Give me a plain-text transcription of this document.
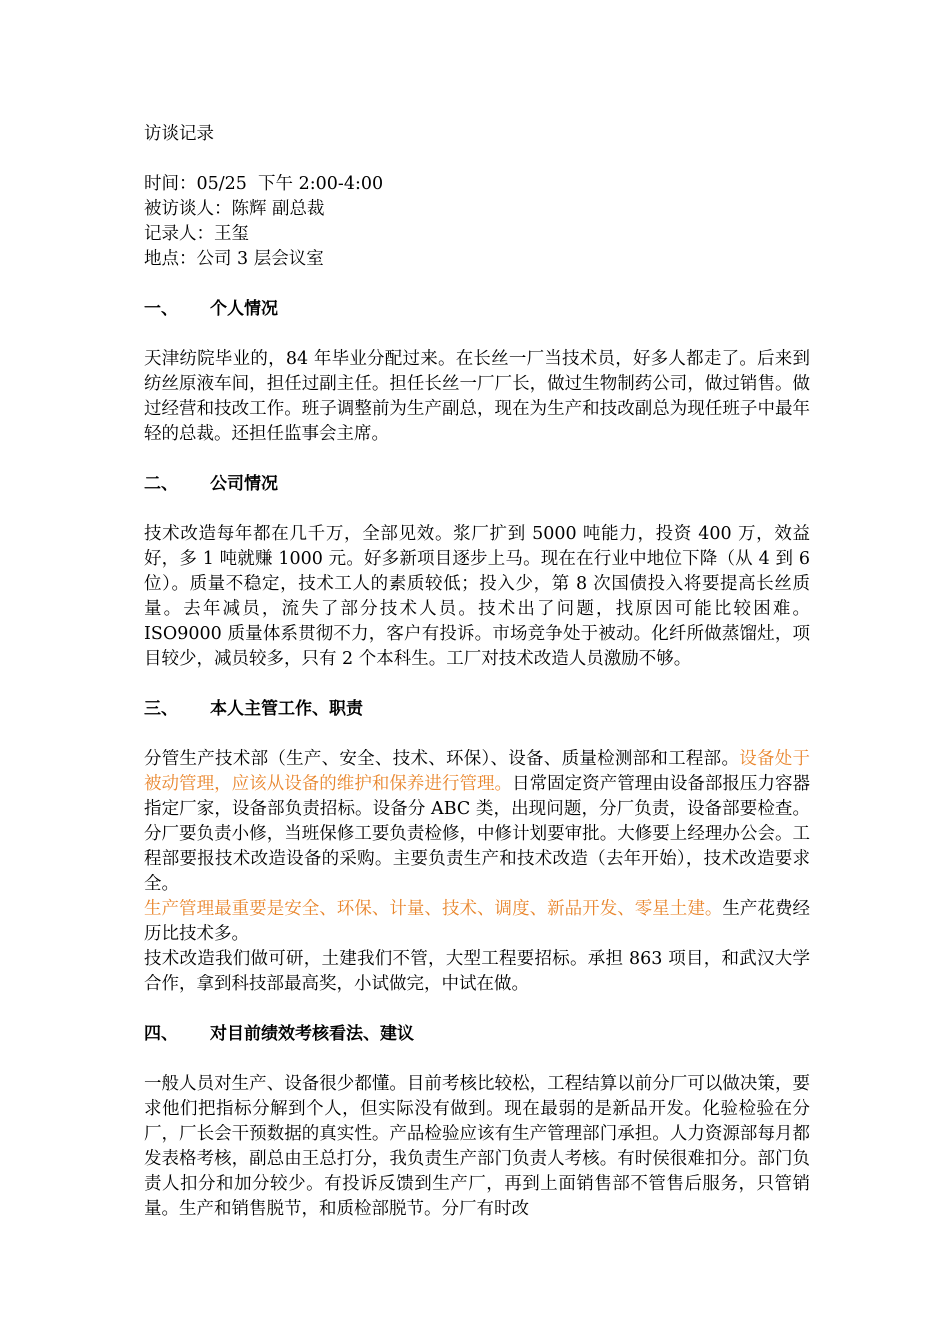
访谈记录
时间：05/25  下午 2:00-4:00
被访谈人：陈辉 副总裁
记录人：王玺
地点：公司 3 层会议室
一、 个人情况
天津纺院毕业的，84 年毕业分配过来。在长丝一厂当技术员，好多人都走了。后来到纺丝原液车间，担任过副主任。担任长丝一厂厂长，做过生物制药公司，做过销售。做过经营和技改工作。班子调整前为生产副总，现在为生产和技改副总为现任班子中最年轻的总裁。还担任监事会主席。
二、 公司情况
技术改造每年都在几千万，全部见效。浆厂扩到 5000 吨能力，投资 400 万，效益好，多 1 吨就赚 1000 元。好多新项目逐步上马。现在在行业中地位下降（从 4 到 6 位）。质量不稳定，技术工人的素质较低；投入少，第 8 次国债投入将要提高长丝质量。去年减员，流失了部分技术人员。技术出了问题，找原因可能比较困难。ISO9000 质量体系贯彻不力，客户有投诉。市场竞争处于被动。化纤所做蒸馏灶，项目较少，减员较多，只有 2 个本科生。工厂对技术改造人员激励不够。
三、 本人主管工作、职责
分管生产技术部（生产、安全、技术、环保）、设备、质量检测部和工程部。设备处于被动管理，应该从设备的维护和保养进行管理。日常固定资产管理由设备部报压力容器指定厂家，设备部负责招标。设备分 ABC 类，出现问题，分厂负责，设备部要检查。分厂要负责小修，当班保修工要负责检修，中修计划要审批。大修要上经理办公会。工程部要报技术改造设备的采购。主要负责生产和技术改造（去年开始），技术改造要求全。
生产管理最重要是安全、环保、计量、技术、调度、新品开发、零星土建。生产花费经历比技术多。
技术改造我们做可研，土建我们不管，大型工程要招标。承担 863 项目，和武汉大学合作，拿到科技部最高奖，小试做完，中试在做。
四、 对目前绩效考核看法、建议
一般人员对生产、设备很少都懂。目前考核比较松，工程结算以前分厂可以做决策，要求他们把指标分解到个人，但实际没有做到。现在最弱的是新品开发。化验检验在分厂，厂长会干预数据的真实性。产品检验应该有生产管理部门承担。人力资源部每月都发表格考核，副总由王总打分，我负责生产部门负责人考核。有时侯很难扣分。部门负责人扣分和加分较少。有投诉反馈到生产厂，再到上面销售部不管售后服务，只管销量。生产和销售脱节，和质检部脱节。分厂有时改
